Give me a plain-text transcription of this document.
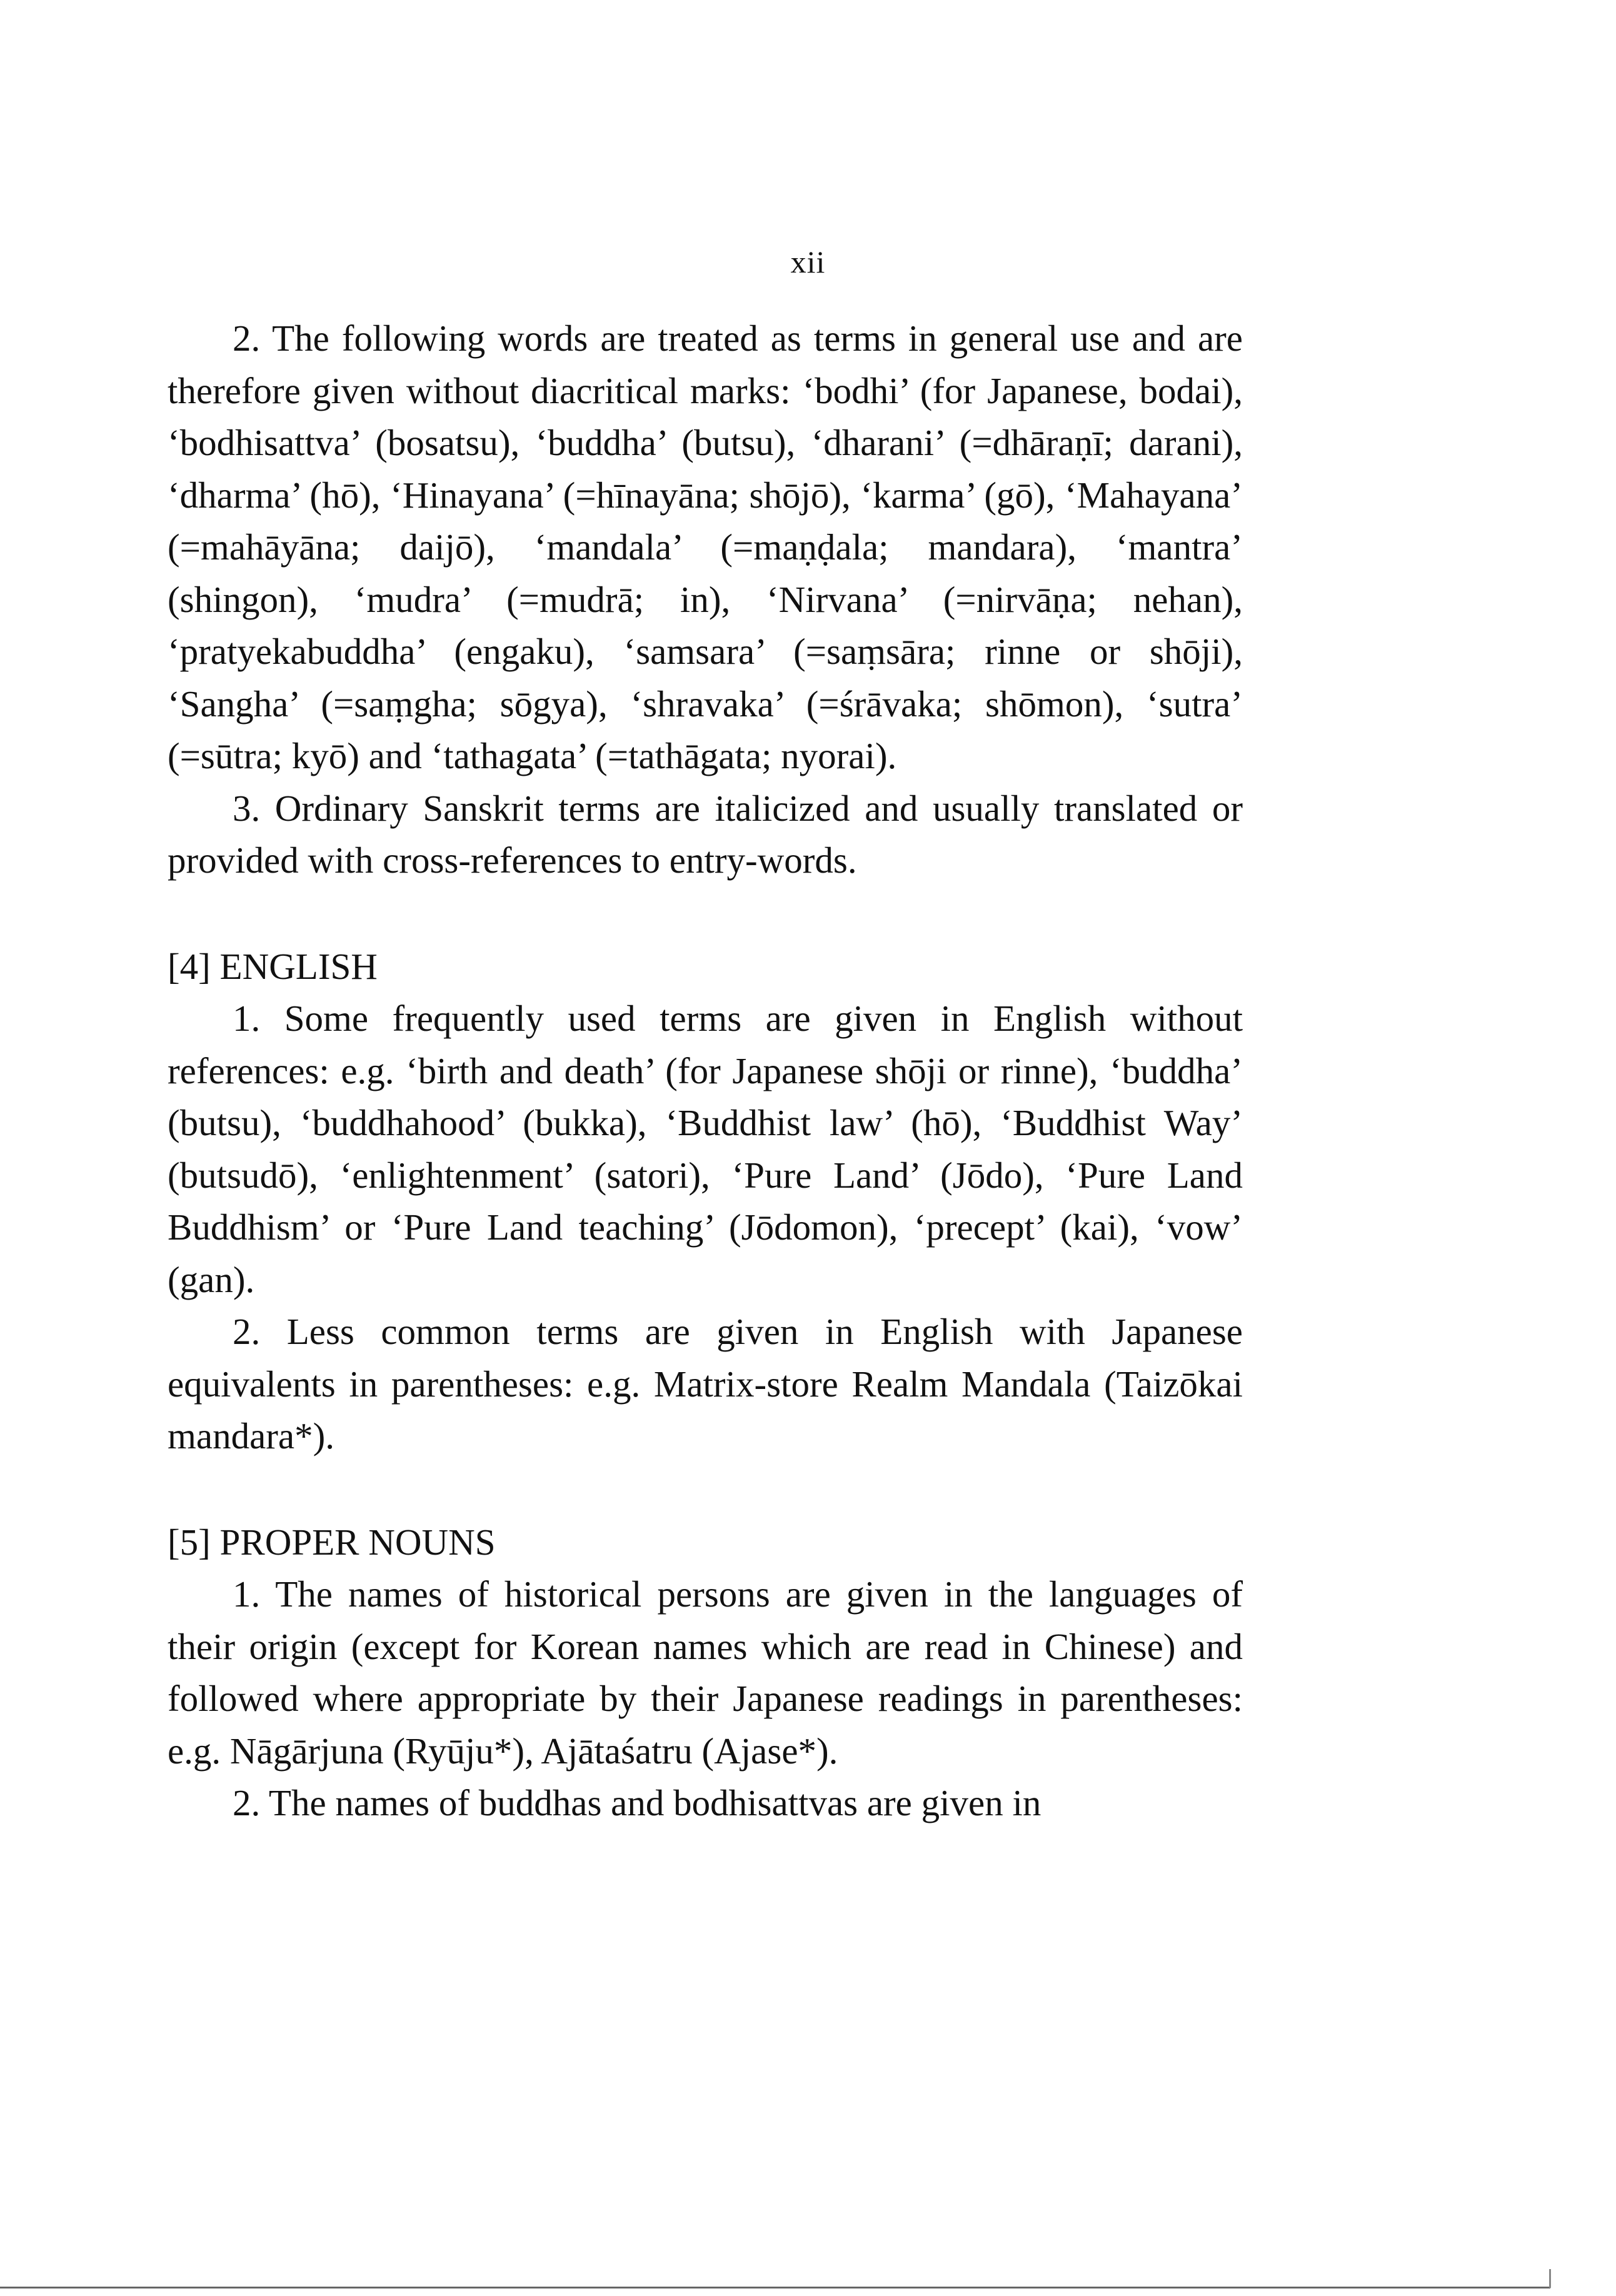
xii

2. The following words are treated as terms in general use and are therefore given without diacritical marks: ‘bodhi’ (for Japanese, bodai), ‘bodhisattva’ (bosatsu), ‘buddha’ (butsu), ‘dharani’ (=dhāraṇī; darani), ‘dharma’ (hō), ‘Hinayana’ (=hīnayāna; shōjō), ‘karma’ (gō), ‘Mahayana’ (=mahāyāna; daijō), ‘mandala’ (=maṇḍala; mandara), ‘mantra’ (shingon), ‘mudra’ (=mudrā; in), ‘Nirvana’ (=nirvāṇa; nehan), ‘pratyekabuddha’ (engaku), ‘samsara’ (=saṃsāra; rinne or shōji), ‘Sangha’ (=saṃgha; sōgya), ‘shravaka’ (=śrāvaka; shōmon), ‘sutra’ (=sūtra; kyō) and ‘tathagata’ (=tathāgata; nyorai).

3. Ordinary Sanskrit terms are italicized and usually translated or provided with cross-references to entry-words.

[4] ENGLISH

1. Some frequently used terms are given in English without references: e.g. ‘birth and death’ (for Japanese shōji or rinne), ‘buddha’ (butsu), ‘buddhahood’ (bukka), ‘Buddhist law’ (hō), ‘Buddhist Way’ (butsudō), ‘enlightenment’ (satori), ‘Pure Land’ (Jōdo), ‘Pure Land Buddhism’ or ‘Pure Land teaching’ (Jōdomon), ‘precept’ (kai), ‘vow’ (gan).

2. Less common terms are given in English with Japanese equivalents in parentheses: e.g. Matrix-store Realm Mandala (Taizōkai mandara*).

[5] PROPER NOUNS

1. The names of historical persons are given in the languages of their origin (except for Korean names which are read in Chinese) and followed where appropriate by their Japanese readings in parentheses: e.g. Nāgārjuna (Ryūju*), Ajātaśatru (Ajase*).

2. The names of buddhas and bodhisattvas are given in
